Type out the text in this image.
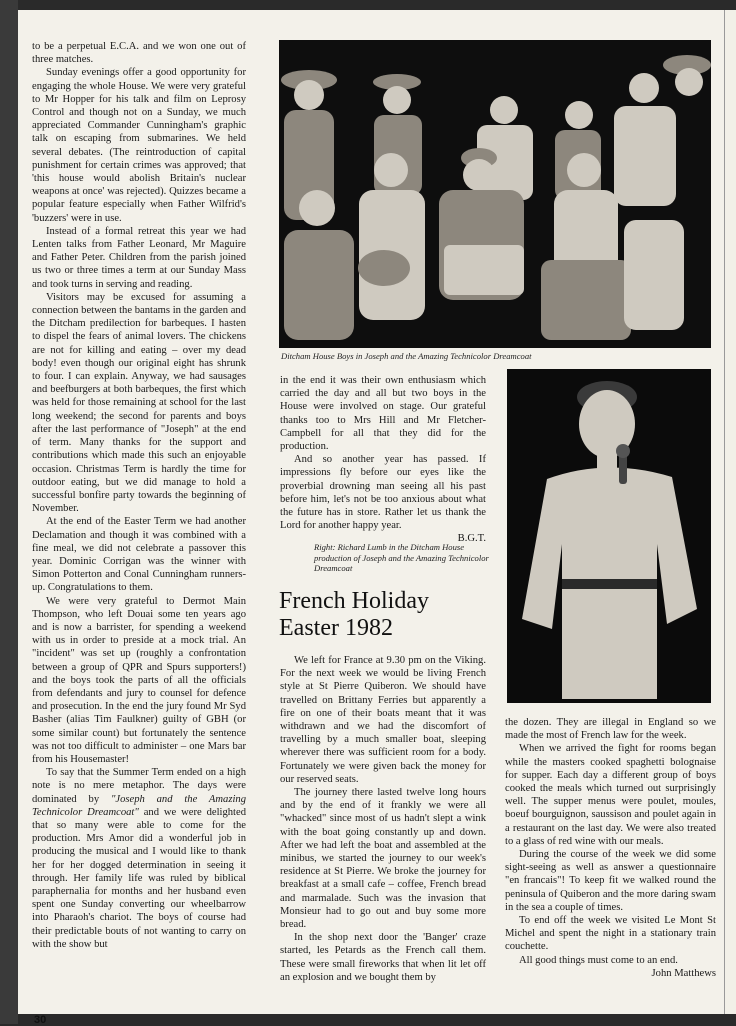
to be a perpetual E.C.A. and we won one out of three matches.

Sunday evenings offer a good opportunity for engaging the whole House. We were very grateful to Mr Hopper for his talk and film on Leprosy Control and though not on a Sunday, we much appreciated Commander Cunningham's graphic talk on escaping from submarines. We held several debates. (The reintroduction of capital punishment for certain crimes was approved; that 'this house would abolish Britain's nuclear weapons at once' was rejected). Quizzes became a popular feature especially when Father Wilfrid's 'buzzers' were in use.

Instead of a formal retreat this year we had Lenten talks from Father Leonard, Mr Maguire and Father Peter. Children from the parish joined us two or three times a term at our Sunday Mass and took turns in serving and reading.

Visitors may be excused for assuming a connection between the bantams in the garden and the Ditcham predilection for barbeques. I hasten to dispel the fears of animal lovers. The chickens are not for killing and eating – over my dead body! even though our original eight has shrunk to four. I can explain. Anyway, we had sausages and beefburgers at both barbeques, the first which was held for those remaining at school for the last long weekend; the second for parents and boys after the last performance of "Joseph" at the end of term. Many thanks for the support and contributions which made this such an enjoyable occasion. Christmas Term is hardly the time for outdoor eating, but we did manage to hold a successful bonfire party towards the beginning of November.

At the end of the Easter Term we had another Declamation and though it was combined with a fine meal, we did not celebrate a passover this year. Dominic Corrigan was the winner with Simon Potterton and Conal Cunningham runners-up. Congratulations to them.

We were very grateful to Dermot Main Thompson, who left Douai some ten years ago and is now a barrister, for spending a weekend with us in order to preside at a mock trial. An "incident" was set up (roughly a confrontation between a group of QPR and Spurs supporters!) and the boys took the parts of all the officials from defendants and jury to counsel for defence and prosecution. In the end the jury found Mr Syd Basher (alias Tim Faulkner) guilty of GBH (or some similar count) but fortunately the sentence was not too difficult to administer – one Mars bar from his Housemaster!

To say that the Summer Term ended on a high note is no mere metaphor. The days were dominated by "Joseph and the Amazing Technicolor Dreamcoat" and we were delighted that so many were able to come for the production. Mrs Amor did a wonderful job in producing the musical and I would like to thank her for her dogged determination in seeing it through. Her family life was ruled by biblical paraphernalia for months and her husband even spent one Sunday converting our wheelbarrow into Pharaoh's chariot. The boys of course had their predictable bouts of not wanting to carry on with the show but

Ditcham House Boys in Joseph and the Amazing Technicolor Dreamcoat

in the end it was their own enthusiasm which carried the day and all but two boys in the House were involved on stage. Our grateful thanks too to Mrs Hill and Mr Fletcher-Campbell for all that they did for the production.

And so another year has passed. If impressions fly before our eyes like the proverbial drowning man seeing all his past before him, let's not be too anxious about what the future has in store. Rather let us thank the Lord for another happy year.

B.G.T.

Right: Richard Lumb in the Ditcham House production of Joseph and the Amazing Technicolor Dreamcoat
French Holiday Easter 1982

We left for France at 9.30 pm on the Viking. For the next week we would be living French style at St Pierre Quiberon. We should have travelled on Brittany Ferries but apparently a fire on one of their boats meant that it was withdrawn and we had the discomfort of travelling by a much smaller boat, sleeping wherever there was sufficient room for a body. Fortunately we were given back the money for our reserved seats.

The journey there lasted twelve long hours and by the end of it frankly we were all "whacked" since most of us hadn't slept a wink with the boat going constantly up and down. After we had left the boat and assembled at the minibus, we started the journey to our week's residence at St Pierre. We broke the journey for breakfast at a small cafe – coffee, French bread and marmalade. Such was the invasion that Monsieur had to go out and buy some more bread.

In the shop next door the 'Banger' craze started, les Petards as the French call them. These were small fireworks that when lit let off an explosion and we bought them by

the dozen. They are illegal in England so we made the most of French law for the week.

When we arrived the fight for rooms began while the masters cooked spaghetti bolognaise for supper. Each day a different group of boys cooked the meals which turned out surprisingly well. The supper menus were poulet, moules, boeuf bourguignon, saussison and poulet again in a restaurant on the last day. We were also treated to a glass of red wine with our meals.

During the course of the week we did some sight-seeing as well as answer a questionnaire "en francais"! To keep fit we walked round the peninsula of Quiberon and the more daring swam in the sea a couple of times.

To end off the week we visited Le Mont St Michel and spent the night in a stationary train couchette.

All good things must come to an end.

John Matthews

30
